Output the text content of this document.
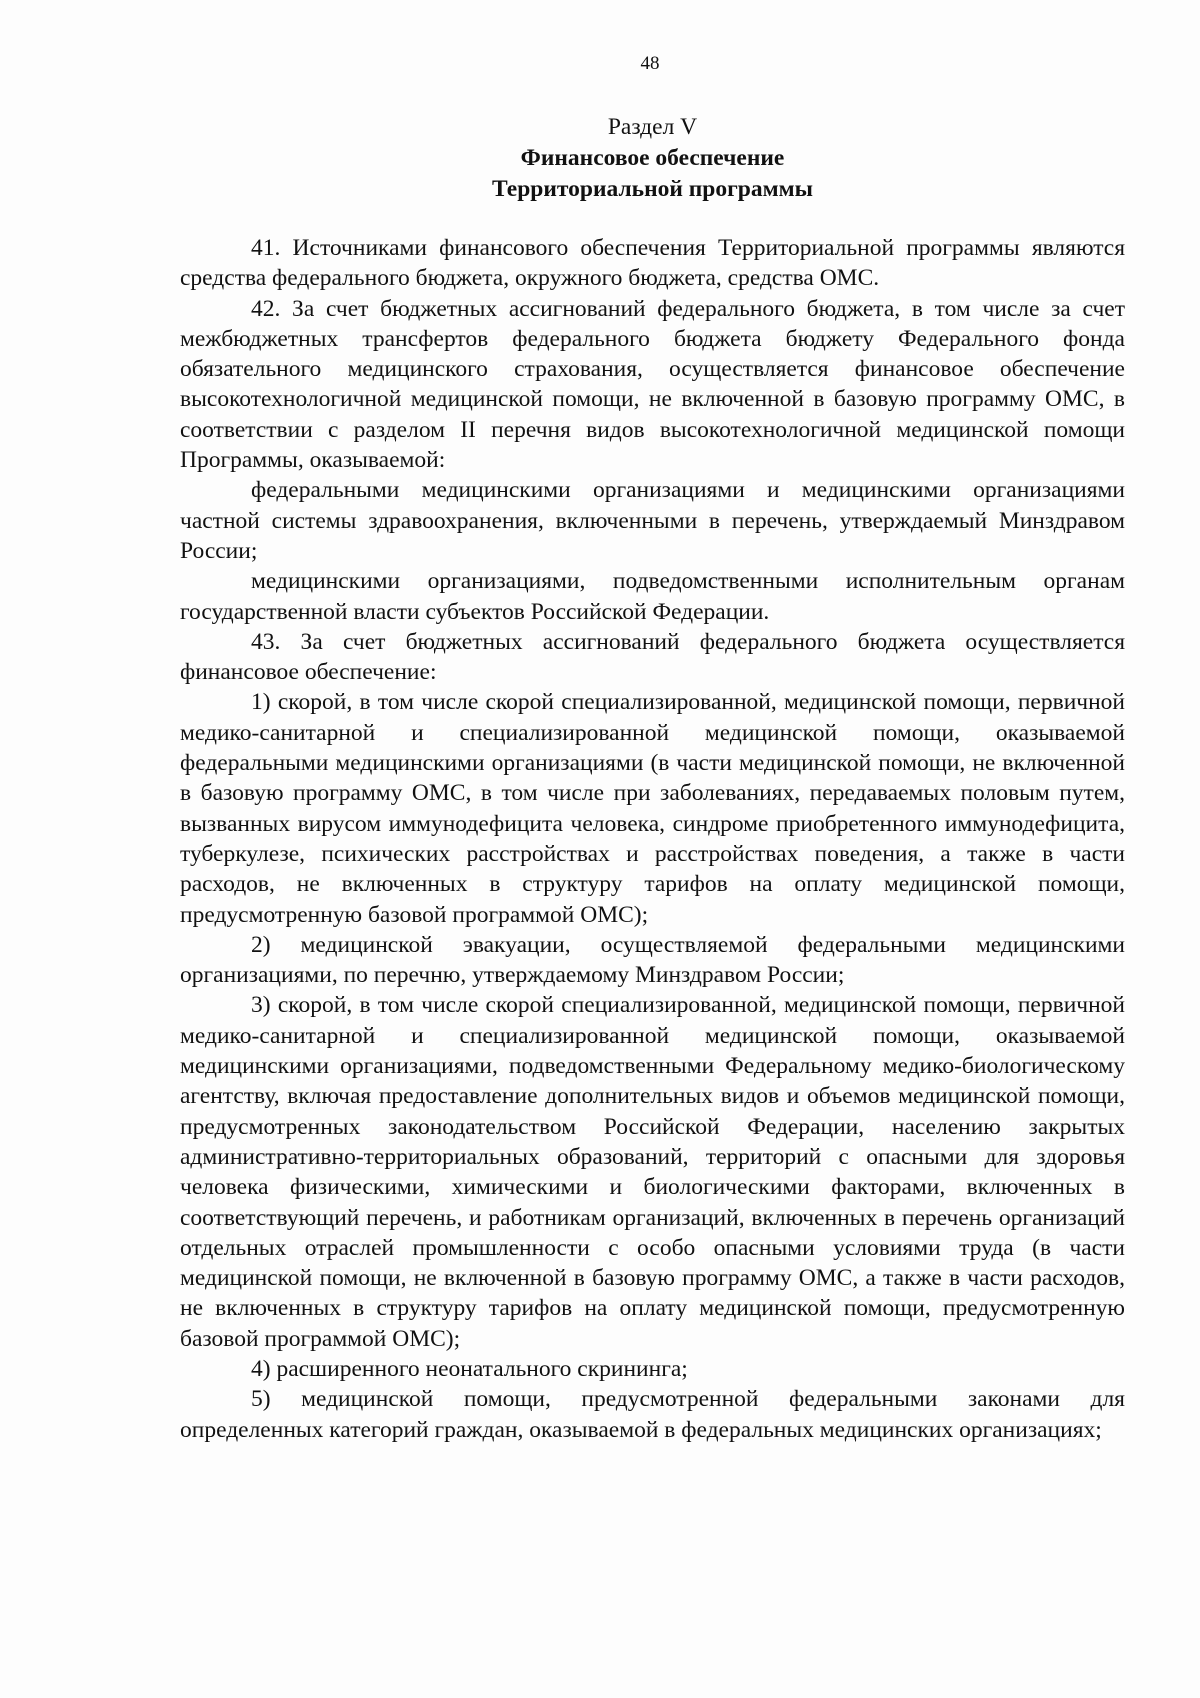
48
Раздел V
Финансовое обеспечение
Территориальной программы

41. Источниками финансового обеспечения Территориальной программы являются средства федерального бюджета, окружного бюджета, средства ОМС.

42. За счет бюджетных ассигнований федерального бюджета, в том числе за счет межбюджетных трансфертов федерального бюджета бюджету Федерального фонда обязательного медицинского страхования, осуществляется финансовое обеспечение высокотехнологичной медицинской помощи, не включенной в базовую программу ОМС, в соответствии с разделом II перечня видов высокотехнологичной медицинской помощи Программы, оказываемой:

федеральными медицинскими организациями и медицинскими организациями частной системы здравоохранения, включенными в перечень, утверждаемый Минздравом России;

медицинскими организациями, подведомственными исполнительным органам государственной власти субъектов Российской Федерации.

43. За счет бюджетных ассигнований федерального бюджета осуществляется финансовое обеспечение:

1) скорой, в том числе скорой специализированной, медицинской помощи, первичной медико-санитарной и специализированной медицинской помощи, оказываемой федеральными медицинскими организациями (в части медицинской помощи, не включенной в базовую программу ОМС, в том числе при заболеваниях, передаваемых половым путем, вызванных вирусом иммунодефицита человека, синдроме приобретенного иммунодефицита, туберкулезе, психических расстройствах и расстройствах поведения, а также в части расходов, не включенных в структуру тарифов на оплату медицинской помощи, предусмотренную базовой программой ОМС);

2) медицинской эвакуации, осуществляемой федеральными медицинскими организациями, по перечню, утверждаемому Минздравом России;

3) скорой, в том числе скорой специализированной, медицинской помощи, первичной медико-санитарной и специализированной медицинской помощи, оказываемой медицинскими организациями, подведомственными Федеральному медико-биологическому агентству, включая предоставление дополнительных видов и объемов медицинской помощи, предусмотренных законодательством Российской Федерации, населению закрытых административно-территориальных образований, территорий с опасными для здоровья человека физическими, химическими и биологическими факторами, включенных в соответствующий перечень, и работникам организаций, включенных в перечень организаций отдельных отраслей промышленности с особо опасными условиями труда (в части медицинской помощи, не включенной в базовую программу ОМС, а также в части расходов, не включенных в структуру тарифов на оплату медицинской помощи, предусмотренную базовой программой ОМС);

4) расширенного неонатального скрининга;

5) медицинской помощи, предусмотренной федеральными законами для определенных категорий граждан, оказываемой в федеральных медицинских организациях;
